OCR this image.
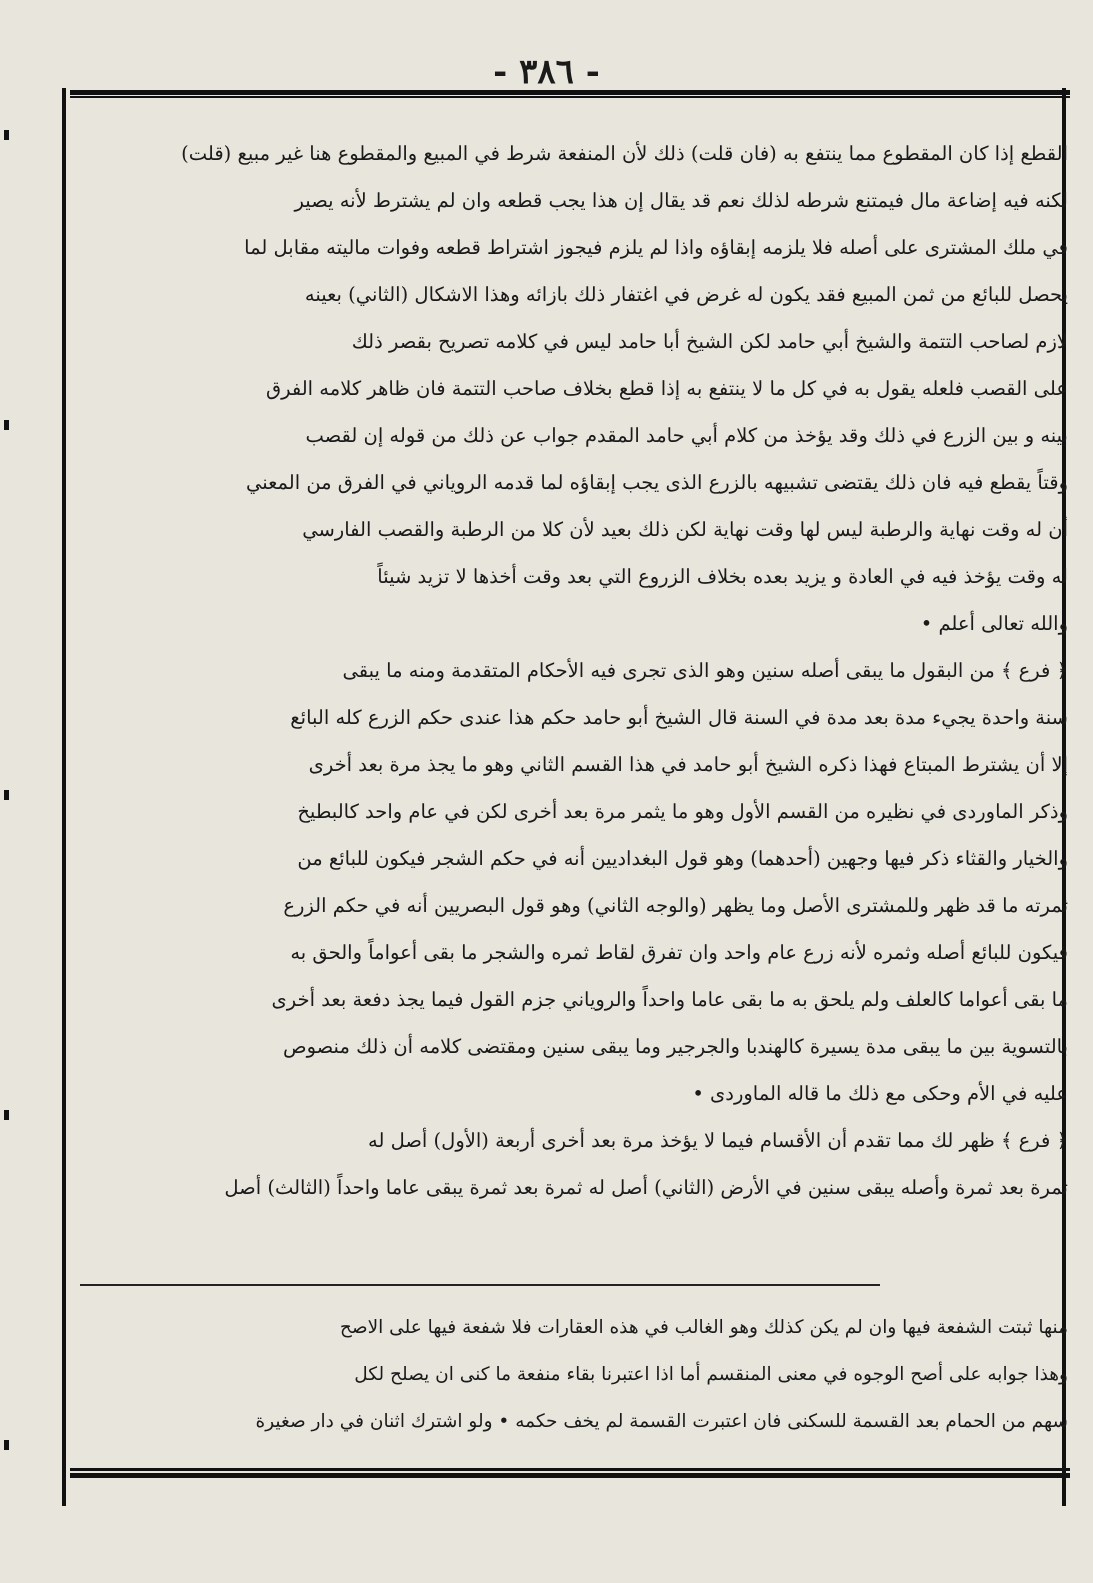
- ٣٨٦ -
القطع إذا كان المقطوع مما ينتفع به (فان قلت) ذلك لأن المنفعة شرط في المبيع والمقطوع هنا غير مبيع (قلت)
لكنه فيه إضاعة مال فيمتنع شرطه لذلك نعم قد يقال إن هذا يجب قطعه وان لم يشترط لأنه يصير
في ملك المشترى على أصله فلا يلزمه إبقاؤه واذا لم يلزم فيجوز اشتراط قطعه وفوات ماليته مقابل لما
يحصل للبائع من ثمن المبيع فقد يكون له غرض في اغتفار ذلك بازائه وهذا الاشكال (الثاني) بعينه
لازم لصاحب التتمة والشيخ أبي حامد لكن الشيخ أبا حامد ليس في كلامه تصريح بقصر ذلك
على القصب فلعله يقول به في كل ما لا ينتفع به إذا قطع بخلاف صاحب التتمة فان ظاهر كلامه الفرق
بينه و بين الزرع في ذلك وقد يؤخذ من كلام أبي حامد المقدم جواب عن ذلك من قوله إن لقصب
وقتاً يقطع فيه فان ذلك يقتضى تشبيهه بالزرع الذى يجب إبقاؤه لما قدمه الروياني في الفرق من المعني
أن له وقت نهاية والرطبة ليس لها وقت نهاية لكن ذلك بعيد لأن كلا من الرطبة والقصب الفارسي
له وقت يؤخذ فيه في العادة و يزيد بعده بخلاف الزروع التي بعد وقت أخذها لا تزيد شيئاً
والله تعالى أعلم •
﴿ فرع ﴾ من البقول ما يبقى أصله سنين وهو الذى تجرى فيه الأحكام المتقدمة ومنه ما يبقى
سنة واحدة يجيء مدة بعد مدة في السنة قال الشيخ أبو حامد حكم هذا عندى حكم الزرع كله البائع
إلا أن يشترط المبتاع فهذا ذكره الشيخ أبو حامد في هذا القسم الثاني وهو ما يجذ مرة بعد أخرى
وذكر الماوردى في نظيره من القسم الأول وهو ما يثمر مرة بعد أخرى لكن في عام واحد كالبطيخ
والخيار والقثاء ذكر فيها وجهين (أحدهما) وهو قول البغداديين أنه في حكم الشجر فيكون للبائع من
ثمرته ما قد ظهر وللمشترى الأصل وما يظهر (والوجه الثاني) وهو قول البصريين أنه في حكم الزرع
فيكون للبائع أصله وثمره لأنه زرع عام واحد وان تفرق لقاط ثمره والشجر ما بقى أعواماً والحق به
ما بقى أعواما كالعلف ولم يلحق به ما بقى عاما واحداً والروياني جزم القول فيما يجذ دفعة بعد أخرى
بالتسوية بين ما يبقى مدة يسيرة كالهندبا والجرجير وما يبقى سنين ومقتضى كلامه أن ذلك منصوص
عليه في الأم وحكى مع ذلك ما قاله الماوردى •
﴿ فرع ﴾ ظهر لك مما تقدم أن الأقسام فيما لا يؤخذ مرة بعد أخرى أربعة (الأول) أصل له
ثمرة بعد ثمرة وأصله يبقى سنين في الأرض (الثاني) أصل له ثمرة بعد ثمرة يبقى عاما واحداً (الثالث) أصل
منها ثبتت الشفعة فيها وان لم يكن كذلك وهو الغالب في هذه العقارات فلا شفعة فيها على الاصح
وهذا جوابه على أصح الوجوه في معنى المنقسم أما اذا اعتبرنا بقاء منفعة ما كنى ان يصلح لكل
سهم من الحمام بعد القسمة للسكنى فان اعتبرت القسمة لم يخف حكمه • ولو اشترك اثنان في دار صغيرة
